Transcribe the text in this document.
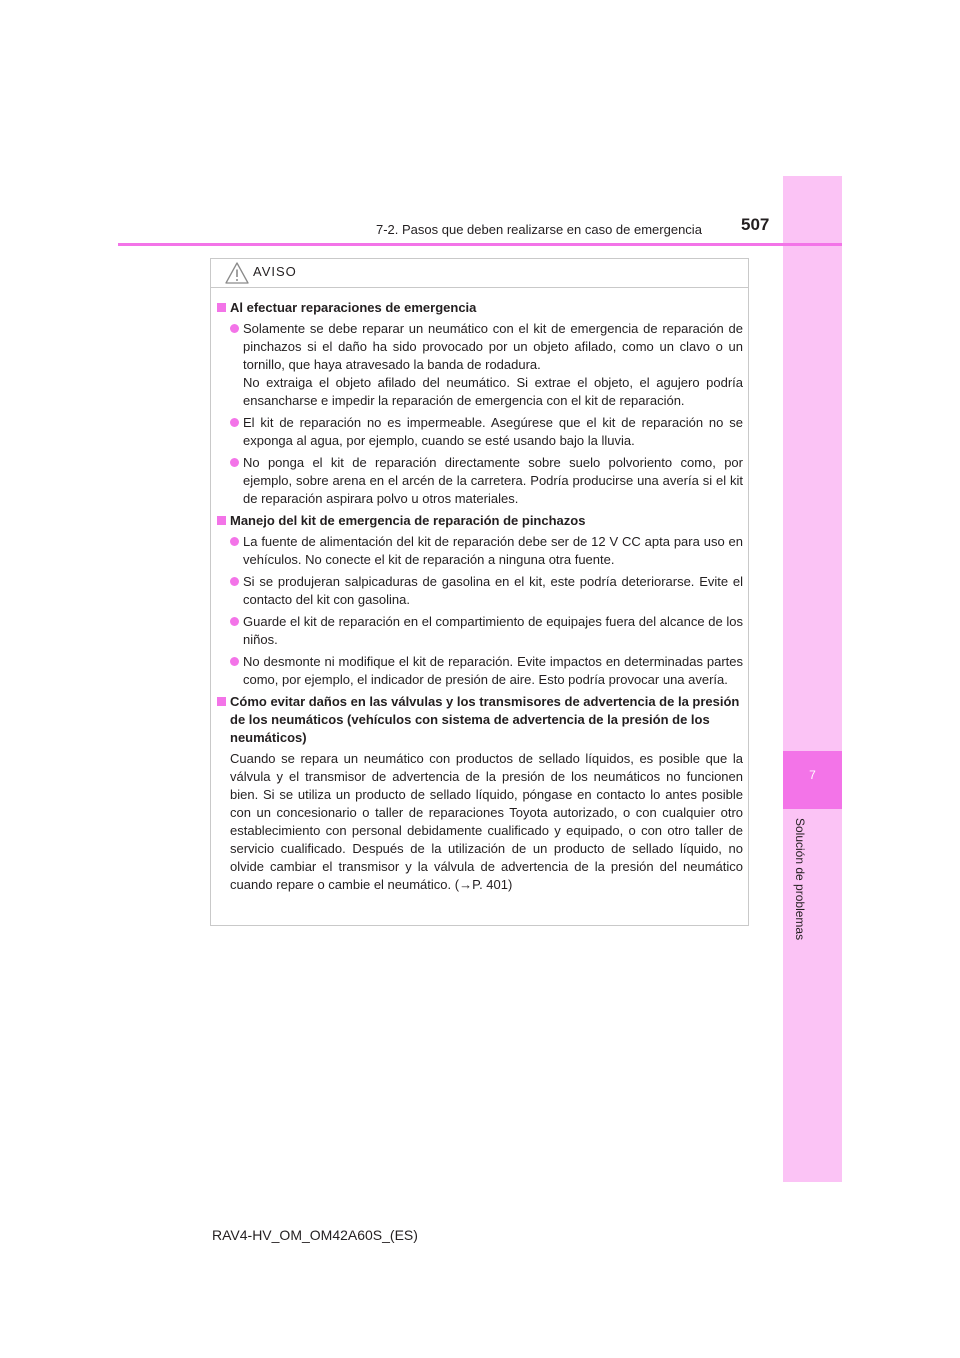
7
Solución de problemas
7-2. Pasos que deben realizarse en caso de emergencia 507
AVISO
Al efectuar reparaciones de emergencia
Solamente se debe reparar un neumático con el kit de emergencia de reparación de pinchazos si el daño ha sido provocado por un objeto afilado, como un clavo o un tornillo, que haya atravesado la banda de rodadura.
No extraiga el objeto afilado del neumático. Si extrae el objeto, el agujero podría ensancharse e impedir la reparación de emergencia con el kit de reparación.
El kit de reparación no es impermeable. Asegúrese que el kit de reparación no se exponga al agua, por ejemplo, cuando se esté usando bajo la lluvia.
No ponga el kit de reparación directamente sobre suelo polvoriento como, por ejemplo, sobre arena en el arcén de la carretera. Podría producirse una avería si el kit de reparación aspirara polvo u otros materiales.
Manejo del kit de emergencia de reparación de pinchazos
La fuente de alimentación del kit de reparación debe ser de 12 V CC apta para uso en vehículos. No conecte el kit de reparación a ninguna otra fuente.
Si se produjeran salpicaduras de gasolina en el kit, este podría deteriorarse. Evite el contacto del kit con gasolina.
Guarde el kit de reparación en el compartimiento de equipajes fuera del alcance de los niños.
No desmonte ni modifique el kit de reparación. Evite impactos en determinadas partes como, por ejemplo, el indicador de presión de aire. Esto podría provocar una avería.
Cómo evitar daños en las válvulas y los transmisores de advertencia de la presión de los neumáticos (vehículos con sistema de advertencia de la presión de los neumáticos)
Cuando se repara un neumático con productos de sellado líquidos, es posible que la válvula y el transmisor de advertencia de la presión de los neumáticos no funcionen bien. Si se utiliza un producto de sellado líquido, póngase en contacto lo antes posible con un concesionario o taller de reparaciones Toyota autorizado, o con cualquier otro establecimiento con personal debidamente cualificado y equipado, o con otro taller de servicio cualificado. Después de la utilización de un producto de sellado líquido, no olvide cambiar el transmisor y la válvula de advertencia de la presión del neumático cuando repare o cambie el neumático. (→P. 401)
RAV4-HV_OM_OM42A60S_(ES)
